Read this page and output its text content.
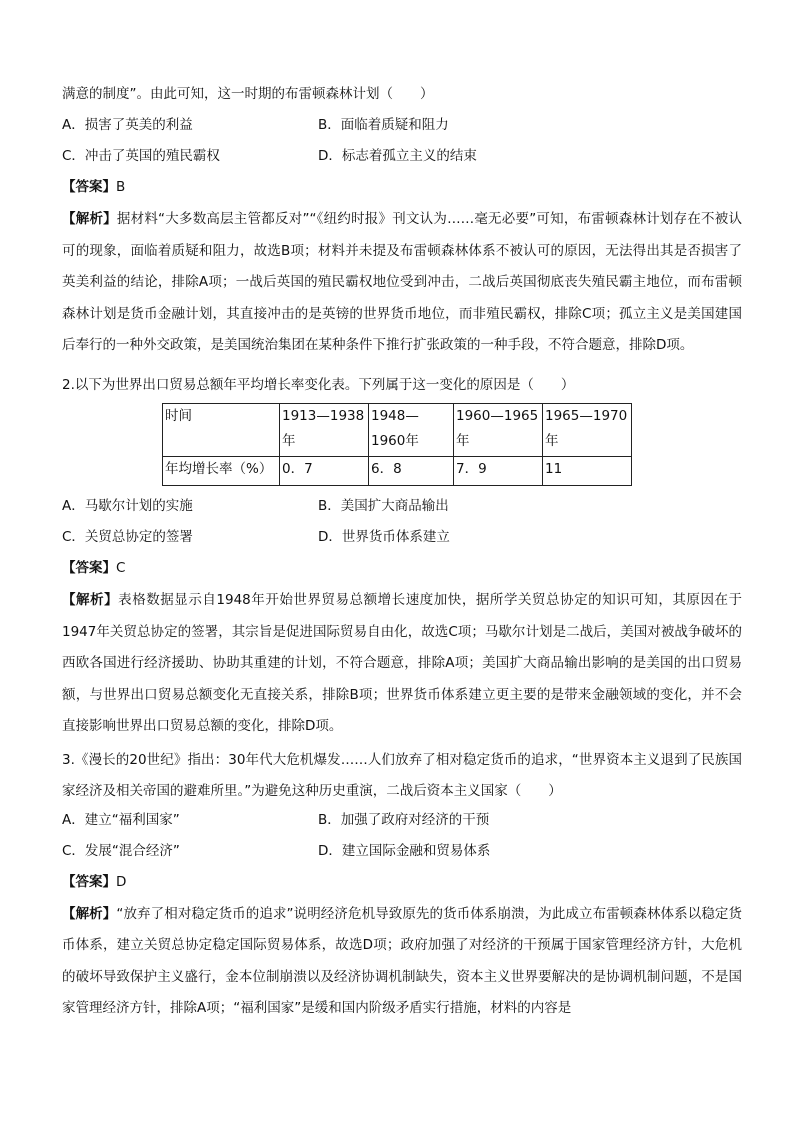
满意的制度”。由此可知，这一时期的布雷顿森林计划（　　）

A．损害了英美的利益	B．面临着质疑和阻力
C．冲击了英国的殖民霸权	D．标志着孤立主义的结束
【答案】B

【解析】据材料“大多数高层主管都反对”“《纽约时报》刊文认为……毫无必要”可知，布雷顿森林计划存在不被认可的现象，面临着质疑和阻力，故选B项；材料并未提及布雷顿森林体系不被认可的原因，无法得出其是否损害了英美利益的结论，排除A项；一战后英国的殖民霸权地位受到冲击，二战后英国彻底丧失殖民霸主地位，而布雷顿森林计划是货币金融计划，其直接冲击的是英镑的世界货币地位，而非殖民霸权，排除C项；孤立主义是美国建国后奉行的一种外交政策，是美国统治集团在某种条件下推行扩张政策的一种手段，不符合题意，排除D项。

2.以下为世界出口贸易总额年平均增长率变化表。下列属于这一变化的原因是（　　）

时间	1913—1938年	1948—1960年	1960—1965年	1965—1970年
年均增长率（%）	0．7	6．8	7．9	11
A．马歇尔计划的实施	B．美国扩大商品输出
C．关贸总协定的签署	D．世界货币体系建立
【答案】C

【解析】表格数据显示自1948年开始世界贸易总额增长速度加快，据所学关贸总协定的知识可知，其原因在于1947年关贸总协定的签署，其宗旨是促进国际贸易自由化，故选C项；马歇尔计划是二战后，美国对被战争破坏的西欧各国进行经济援助、协助其重建的计划，不符合题意，排除A项；美国扩大商品输出影响的是美国的出口贸易额，与世界出口贸易总额变化无直接关系，排除B项；世界货币体系建立更主要的是带来金融领域的变化，并不会直接影响世界出口贸易总额的变化，排除D项。

3.《漫长的20世纪》指出：30年代大危机爆发……人们放弃了相对稳定货币的追求，“世界资本主义退到了民族国家经济及相关帝国的避难所里。”为避免这种历史重演，二战后资本主义国家（　　）

A．建立“福利国家”	B．加强了政府对经济的干预
C．发展“混合经济”	D．建立国际金融和贸易体系
【答案】D

【解析】“放弃了相对稳定货币的追求”说明经济危机导致原先的货币体系崩溃，为此成立布雷顿森林体系以稳定货币体系，建立关贸总协定稳定国际贸易体系，故选D项；政府加强了对经济的干预属于国家管理经济方针，大危机的破坏导致保护主义盛行，金本位制崩溃以及经济协调机制缺失，资本主义世界要解决的是协调机制问题，不是国家管理经济方针，排除A项；“福利国家”是缓和国内阶级矛盾实行措施，材料的内容是
